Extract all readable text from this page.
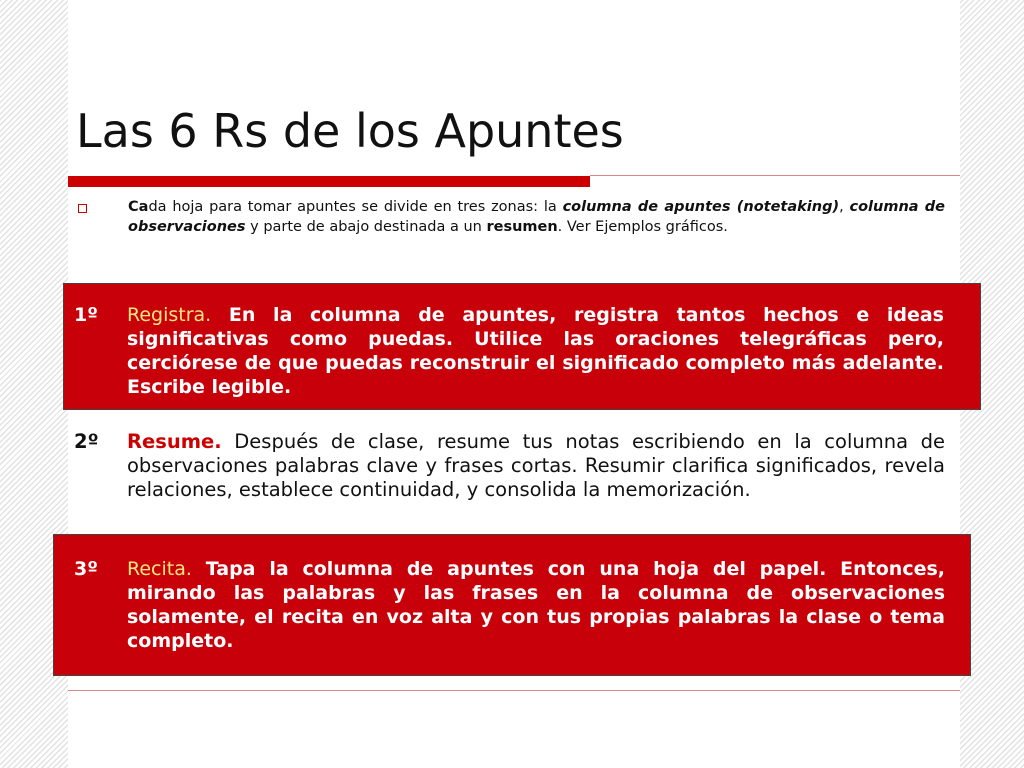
Las 6 Rs de los Apuntes

Cada hoja para tomar apuntes se divide en tres zonas: la columna de apuntes (notetaking), columna de observaciones y parte de abajo destinada a un resumen. Ver Ejemplos gráficos.

1º Registra. En la columna de apuntes, registra tantos hechos e ideas significativas como puedas. Utilice las oraciones telegráficas pero, cerciórese de que puedas reconstruir el significado completo más adelante. Escribe legible.

2º Resume. Después de clase, resume tus notas escribiendo en la columna de observaciones palabras clave y frases cortas. Resumir clarifica significados, revela relaciones, establece continuidad, y consolida la memorización.

3º Recita. Tapa la columna de apuntes con una hoja del papel. Entonces, mirando las palabras y las frases en la columna de observaciones solamente, el recita en voz alta y con tus propias palabras la clase o tema completo.
